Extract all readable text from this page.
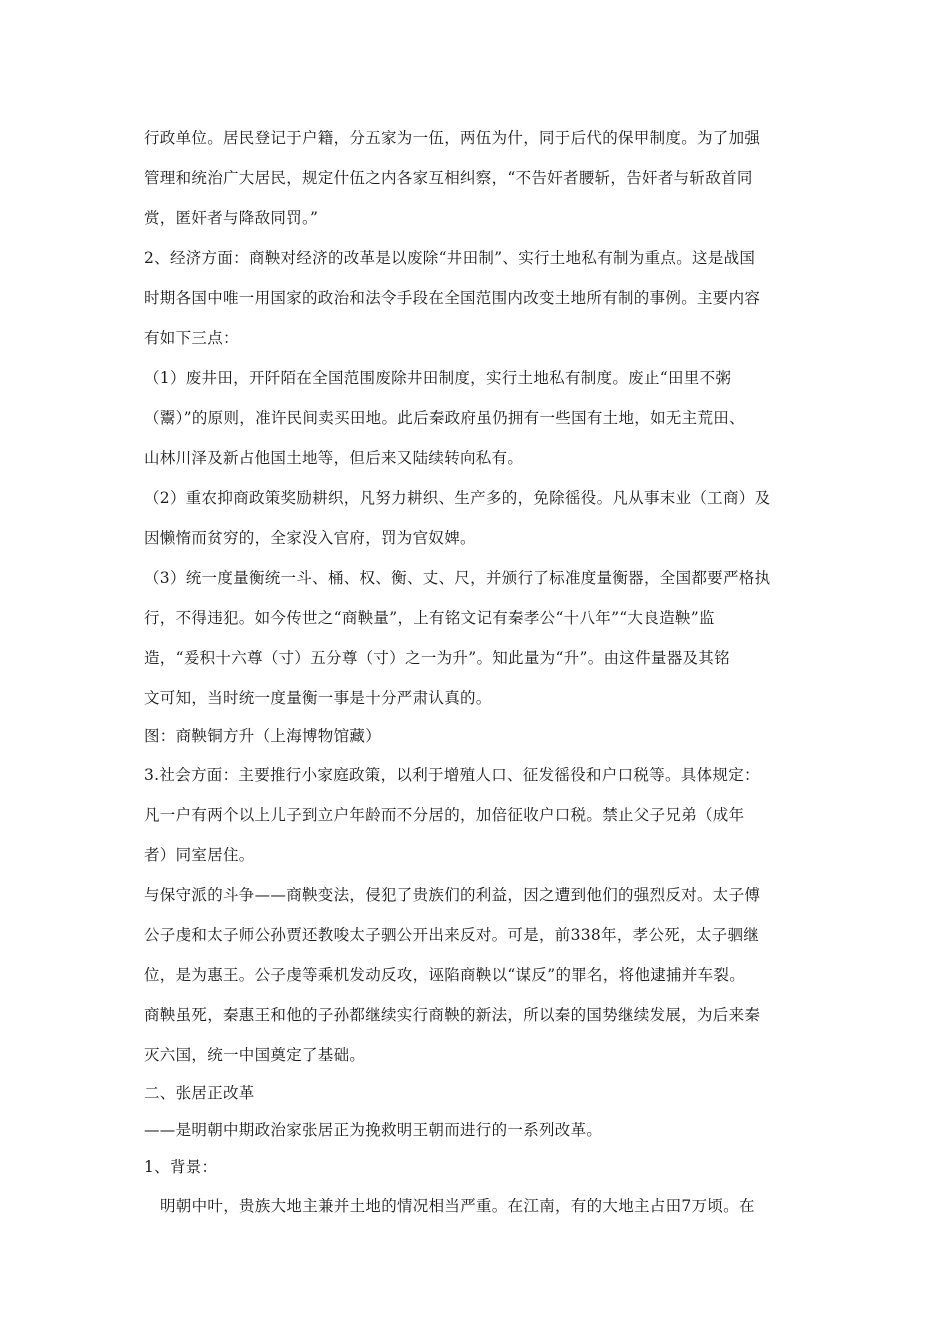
行政单位。居民登记于户籍，分五家为一伍，两伍为什，同于后代的保甲制度。为了加强
管理和统治广大居民，规定什伍之内各家互相纠察，“不告奸者腰斩，告奸者与斩敌首同
赏，匿奸者与降敌同罚。”
2、经济方面：商鞅对经济的改革是以废除“井田制”、实行土地私有制为重点。这是战国
时期各国中唯一用国家的政治和法令手段在全国范围内改变土地所有制的事例。主要内容
有如下三点：
（1）废井田，开阡陌在全国范围废除井田制度，实行土地私有制度。废止“田里不粥
（鬻）”的原则，准许民间卖买田地。此后秦政府虽仍拥有一些国有土地，如无主荒田、
山林川泽及新占他国土地等，但后来又陆续转向私有。
（2）重农抑商政策奖励耕织，凡努力耕织、生产多的，免除徭役。凡从事末业（工商）及
因懒惰而贫穷的，全家没入官府，罚为官奴婢。
（3）统一度量衡统一斗、桶、权、衡、丈、尺，并颁行了标准度量衡器，全国都要严格执
行，不得违犯。如今传世之“商鞅量”，上有铭文记有秦孝公“十八年”“大良造鞅”监
造，“爰积十六尊（寸）五分尊（寸）之一为升”。知此量为“升”。由这件量器及其铭
文可知，当时统一度量衡一事是十分严肃认真的。
图：商鞅铜方升（上海博物馆藏）
3.社会方面：主要推行小家庭政策，以利于增殖人口、征发徭役和户口税等。具体规定：
凡一户有两个以上儿子到立户年龄而不分居的，加倍征收户口税。禁止父子兄弟（成年
者）同室居住。
与保守派的斗争——商鞅变法，侵犯了贵族们的利益，因之遭到他们的强烈反对。太子傅
公子虔和太子师公孙贾还教唆太子驷公开出来反对。可是，前338年，孝公死，太子驷继
位，是为惠王。公子虔等乘机发动反攻，诬陷商鞅以“谋反”的罪名，将他逮捕并车裂。
商鞅虽死，秦惠王和他的子孙都继续实行商鞅的新法，所以秦的国势继续发展，为后来秦
灭六国，统一中国奠定了基础。
二、张居正改革
——是明朝中期政治家张居正为挽救明王朝而进行的一系列改革。
1、背景：
明朝中叶，贵族大地主兼并土地的情况相当严重。在江南，有的大地主占田7万顷。在
